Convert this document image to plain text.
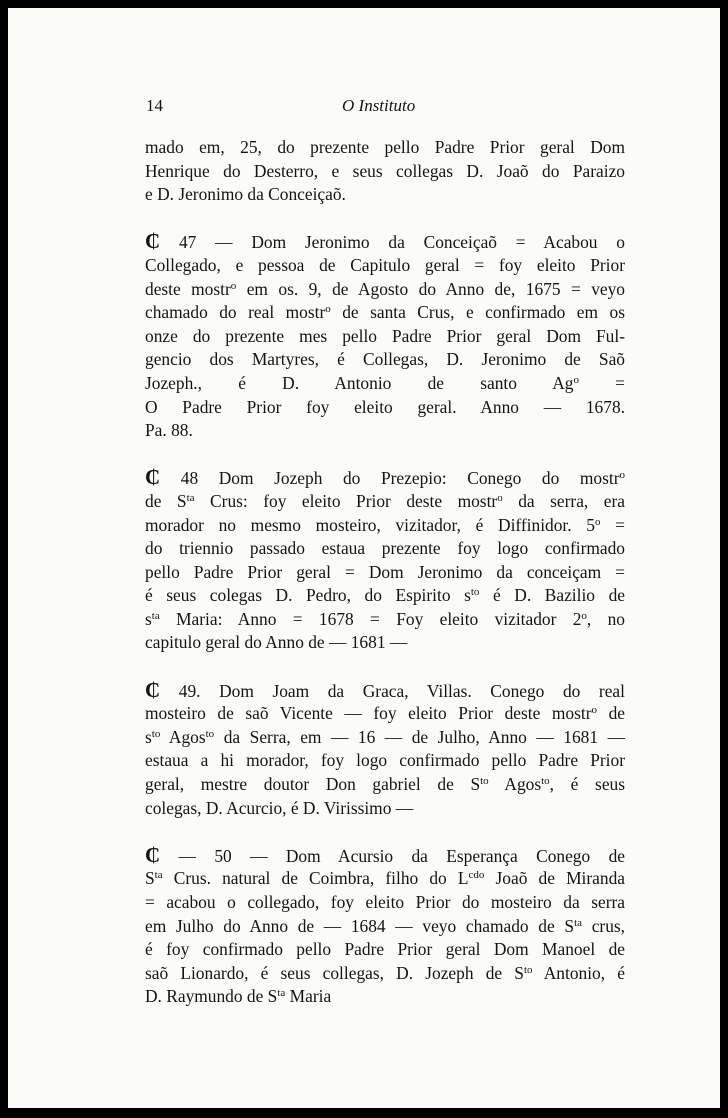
14	O Instituto
mado em, 25, do prezente pello Padre Prior geral Dom
Henrique do Desterro, e seus collegas D. Joaõ do Paraizo
e D. Jeronimo da Conceiçaõ.
₵ 47 — Dom Jeronimo da Conceiçaõ = Acabou o
Collegado, e pessoa de Capitulo geral = foy eleito Prior
deste mostr$^o$ em os. 9, de Agosto do Anno de, 1675 = veyo
chamado do real mostr$^o$ de santa Crus, e confirmado em os
onze do prezente mes pello Padre Prior geral Dom Ful-
gencio dos Martyres, é Collegas, D. Jeronimo de Saõ
Jozeph., é D. Antonio de santo $Ag^o$ =
O Padre Prior foy eleito geral. Anno — 1678.
Pa. 88.
₵ 48 Dom Jozeph do Prezepio: Conego do mostr$^o$
de $S^{ta}$ Crus: foy eleito Prior deste mostr$^o$ da serra, era
morador no mesmo mosteiro, vizitador, é Diffinidor. $5^o$ =
do triennio passado estaua prezente foy logo confirmado
pello Padre Prior geral = Dom Jeronimo da conceiçam =
é seus colegas D. Pedro, do Espirito $s^{to}$ é D. Bazilio de
$s^{ta}$ Maria: Anno = 1678 = Foy eleito vizitador 2$^o$, no
capitulo geral do Anno de — 1681 —
₵ 49. Dom Joam da Graca, Villas. Conego do real
mosteiro de saõ Vicente — foy eleito Prior deste mostr$^o$ de
$s^{to}$ Agos$^{to}$ da Serra, em — 16 — de Julho, Anno — 1681 —
estaua a hi morador, foy logo confirmado pello Padre Prior
geral, mestre doutor Don gabriel de $S^{to}$ Agos$^{to}$, é seus
colegas, D. Acurcio, é D. Virissimo —
₵ — 50 — Dom Acursio da Esperança Conego de
$S^{ta}$ Crus. natural de Coimbra, filho do $L^{cdo}$ Joaõ de Miranda
= acabou o collegado, foy eleito Prior do mosteiro da serra
em Julho do Anno de — 1684 — veyo chamado de $S^{ta}$ crus,
é foy confirmado pello Padre Prior geral Dom Manoel de
saõ Lionardo, é seus collegas, D. Jozeph de $S^{to}$ Antonio, é
D. Raymundo de $S^{ta}$ Maria
